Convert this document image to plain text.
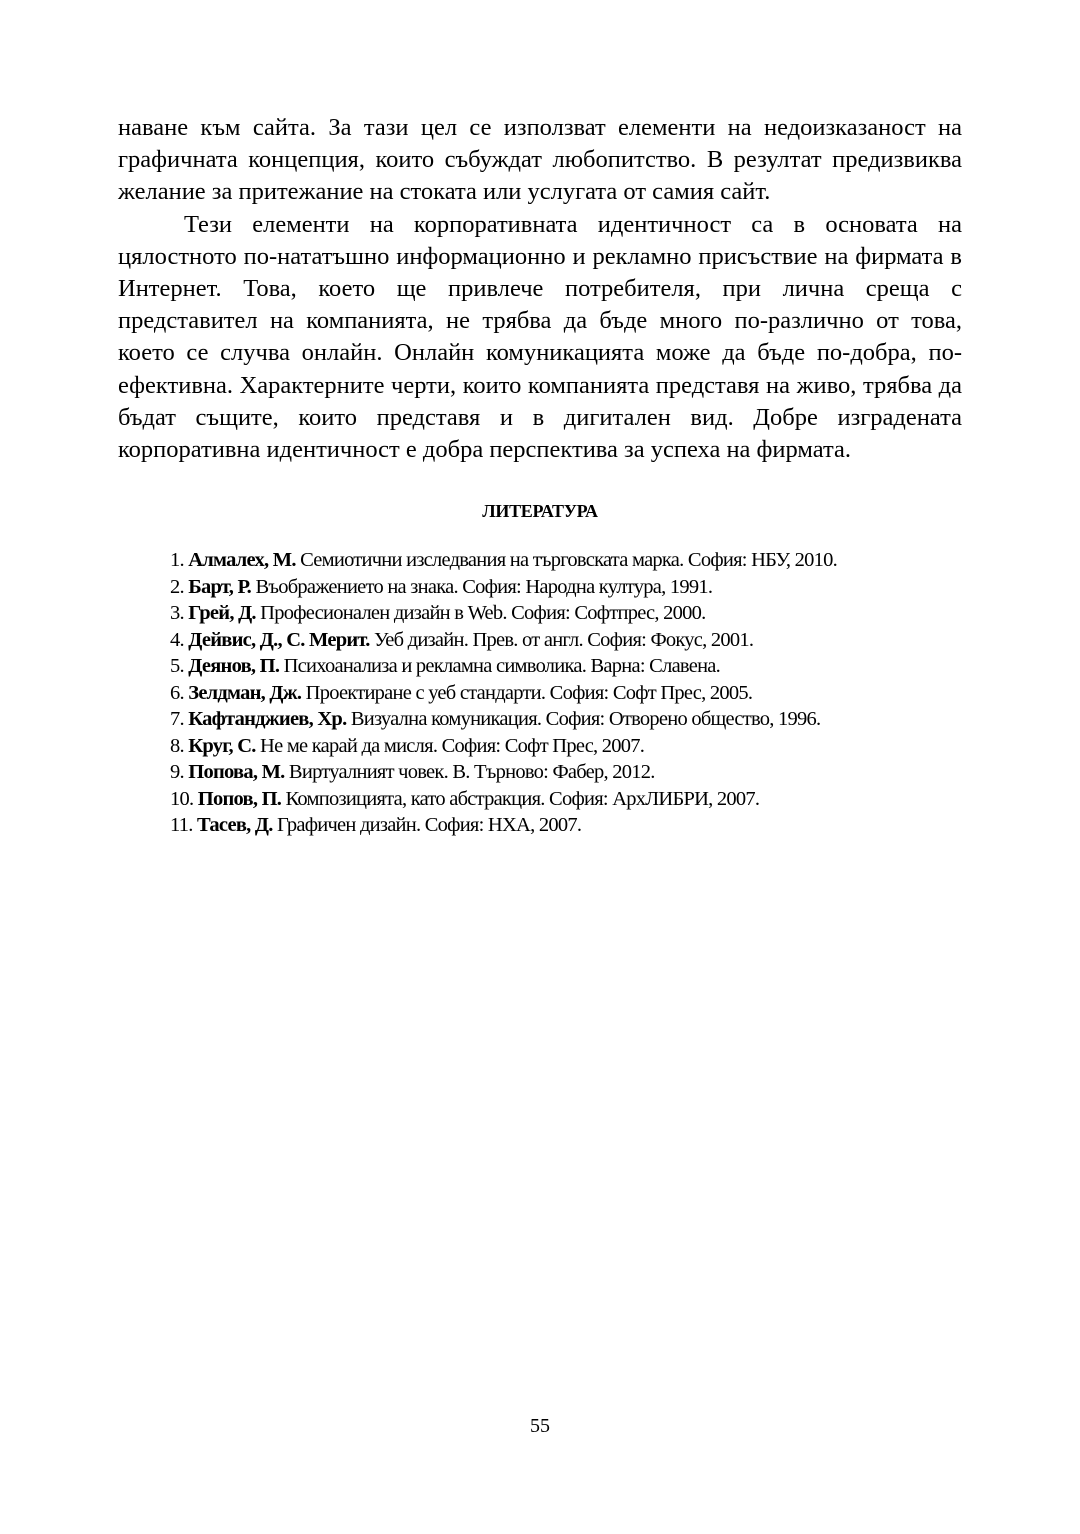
наване към сайта. За тази цел се използват елементи на недоизказаност на графичната концепция, които събуждат любопитство. В резултат предизвиква желание за притежание на стоката или услугата от самия сайт.

Тези елементи на корпоративната идентичност са в основата на цялостното по-нататъшно информационно и рекламно присъствие на фирмата в Интернет. Това, което ще привлече потребителя, при лична среща с представител на компанията, не трябва да бъде много по-различно от това, което се случва онлайн. Онлайн комуникацията може да бъде по-добра, по-ефективна. Характерните черти, които компанията представя на живо, трябва да бъдат същите, които представя и в дигитален вид. Добре изградената корпоративна идентичност е добра перспектива за успеха на фирмата.

ЛИТЕРАТУРА
1. Алмалех, М. Семиотични изследвания на търговската марка. София: НБУ, 2010.
2. Барт, Р. Въображението на знака. София: Народна култура, 1991.
3. Грей, Д. Професионален дизайн в Web. София: Софтпрес, 2000.
4. Дейвис, Д., С. Мерит. Уеб дизайн. Прев. от англ. София: Фокус, 2001.
5. Деянов, П. Психоанализа и рекламна символика. Варна: Славена.
6. Зелдман, Дж. Проектиране с уеб стандарти. София: Софт Прес, 2005.
7. Кафтанджиев, Хр. Визуална комуникация. София: Отворено общество, 1996.
8. Круг, С. Не ме карай да мисля. София: Софт Прес, 2007.
9. Попова, М. Виртуалният човек. В. Търново: Фабер, 2012.
10. Попов, П. Композицията, като абстракция. София: АрхЛИБРИ, 2007.
11. Тасев, Д. Графичен дизайн. София: НХА, 2007.
55
